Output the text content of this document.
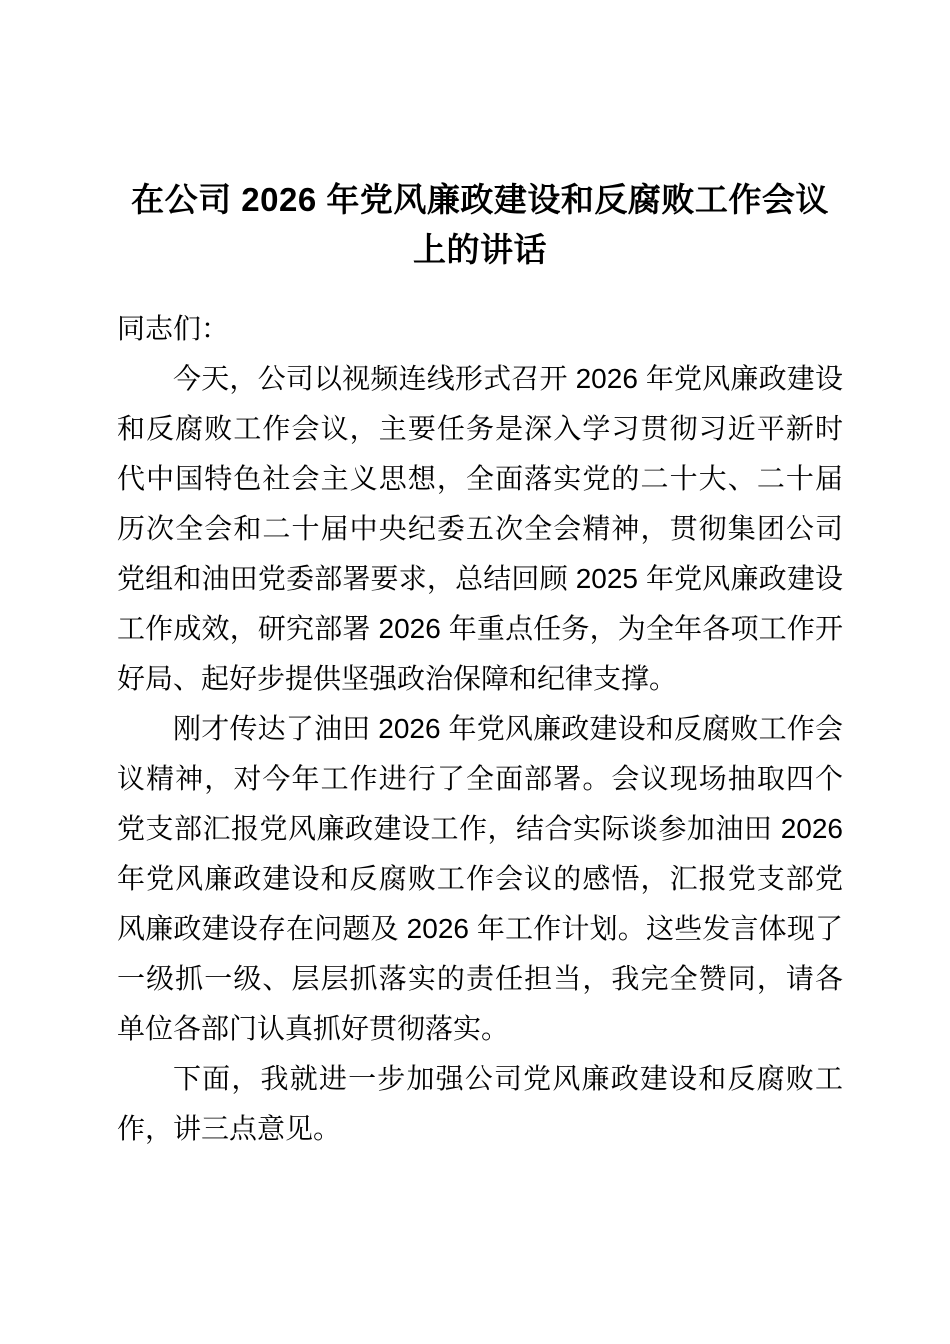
在公司 2026 年党风廉政建设和反腐败工作会议上的讲话

同志们：

今天，公司以视频连线形式召开 2026 年党风廉政建设和反腐败工作会议，主要任务是深入学习贯彻习近平新时代中国特色社会主义思想，全面落实党的二十大、二十届历次全会和二十届中央纪委五次全会精神，贯彻集团公司党组和油田党委部署要求，总结回顾 2025 年党风廉政建设工作成效，研究部署 2026 年重点任务，为全年各项工作开好局、起好步提供坚强政治保障和纪律支撑。

刚才传达了油田 2026 年党风廉政建设和反腐败工作会议精神，对今年工作进行了全面部署。会议现场抽取四个党支部汇报党风廉政建设工作，结合实际谈参加油田 2026 年党风廉政建设和反腐败工作会议的感悟，汇报党支部党风廉政建设存在问题及 2026 年工作计划。这些发言体现了一级抓一级、层层抓落实的责任担当，我完全赞同，请各单位各部门认真抓好贯彻落实。

下面，我就进一步加强公司党风廉政建设和反腐败工作，讲三点意见。
